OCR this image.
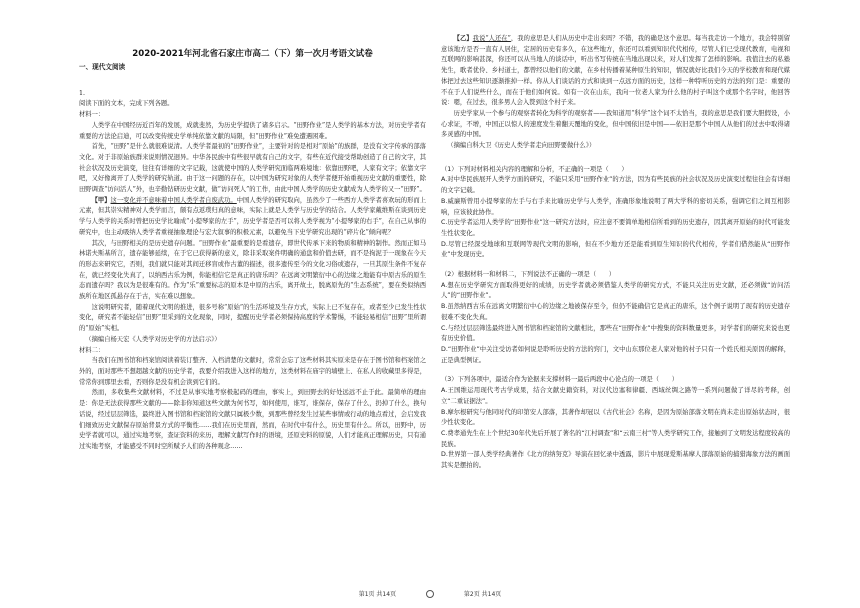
2020-2021年河北省石家庄市高二（下）第一次月考语文试卷

一、现代文阅读

1.

阅读下面的文本，完成下列各题。

材料一：

人类学在中国经历近百年的发展，成就斐然，为历史学提供了诸多启示。“田野作业”是人类学的基本方法，对历史学者有重要的方法论启迪，可以改变传统史学单纯依靠文献的局限，但“田野作业”难免遭遇困难。

首先，“田野”是什么就很难说清。人类学者最初的“田野作业”，主要针对的是相对“原始”的族群，是没有文字传承的部落文化。对于非原始族群来说则情况迥异。中华各民族中有些很早就有自己的文字，有些在近代接受帮助创造了自己的文字，其社会状况及历史演变，往往有详细的文字记载，这就使中国的人类学研究面临两难境地：依靠田野吧，人家有文字；依靠文字吧，又好像离开了人类学的研究轨道。由于这一问题的存在，以中国为研究对象的人类学者便开始重视历史文献的重要性，除田野调查“访问活人”外，也辛勤钻研历史文献，做“访问死人”的工作，由此中国人类学的历史文献成为人类学的又一“田野”。

【甲】这一变化并不意味着中国人类学者自废武功。中国人类学的研究取向，虽然少了一些西方人类学者喜欢玩的形而上元素，但其崇实精神对人类学而言，颇有点返璞归真的意味，实际上就是人类学与历史学的结合。人类学家戴维斯在谈到历史学与人类学的关系时曾把历史学比喻成“小提琴家的左手”，历史学者是否可以将人类学视为“小提琴家的右手”，在自己从事的研究中，也主动吸纳人类学者重视抽象理论与宏大叙事的积极元素，以避免当下史学研究出现的“碎片化”倾向呢？

其次，与田野相关的是历史遗存问题。“田野作业”最重要的是看遗存，即世代传承下来的物质和精神的制作。然而正如马林诺夫斯基所言，遗存能够延续，在于它已获得新的意义，除非采取案件明确的通盘和价值去研，而不是拘泥于一现象在今天的形态来研究它，否则，我们就只能对其间迁移盲或作古董的描述，很多遗传至今的文化习俗或遗存，一旦其原生条件不复存在，就已经变化失真了，以纳西古乐为例，你能相信它是真正的唐乐吗？在远离文明繁衍中心的边缘之地能有中原古乐的原生态而遗存吗？我以为是很难有的。作为“乐”重要标志的原本是中原的古乐，离开故土，脱离原先的“生态系统”，要在类似纳西族所在地区孤悬存在于古，实在难以想象。

这说明研究者，随着现代文明的推进，很多号称“原始”的生活环境及生存方式，实际上已不复存在，或者至少已发生性状变化，研究者不能轻信“田野”里采到的文化现象，同时，提醒历史学者必须保持高度的学术警惕，不能轻易相信“田野”里所谓的“原始”实相。

（摘编自杨天宏《人类学对历史学的方法启示》）

材料二：

当我们在图书馆和档案馆阅读着装订整齐、入档清楚的文献时，常常会忘了这些材料其实原来是存在于图书馆和档案馆之外的，面对那些不想超越文献的历史学者，我要介绍我进入这样的地方，这类材料在庙宇的墙壁上、在私人的收藏里多得是，常常你到那里去看，否则你是没有机会读到它们的。

然而，多收集些文献材料，不过是从事实地考察极起码的理由，事实上，到田野去的好处远远不止于此。最简单的理由是：你是无法获得那些文献的——除非你知道这些文献为何书写，如何使用，谁写，谁保存，保存了什么，扔掉了什么，换句话说，经过层层筛选，最终进入图书馆和档案馆的文献只属极少数，到那些曾经发生过某些事情或行动的地点看过，会启发我们细致历史文献保存原始背景方式的平衡性……我们在历史里面，然而，在时代中有什么，历史里有什么。所以，田野中，历史学者就可以，通过实地考察，查证资料的来历，理解文献写作时的语境，还原史料的原貌，人们才能真正理解历史，只有通过实地考察，才能感受不同时空所赋予人们的各种观念……

【乙】我说“人还在”，我的意思是人们从历史中走出来吗？不错，我的确是这个意思。每当我走访一个地方，我会特别留意该地方是否一直有人居住，定居的历史有多久，在这些地方，你还可以看到知识代代相传，尽管人们已受现代教育，电视和互联网的影响甚深，你还可以从当地人的谈话中，听出书写传统在当地出现以来，对人们发挥了怎样的影响。我值注去的私塾先生，歌者优伶、乡村道士，都曾经以他们的文献，在乡村传播着某种原生的知识，情况就好比我们今天的学校教育和现代媒体把过去这些知识逐渐推掉一样。你从人们谈话的方式和谈到一点远方面的历史，这样一种特听历史的方法的窍门是：重要的不在于人们说些什么，而在于他们如何说。如有一次在山东，我向一位老人家为什么他的村子叫这个或那个名字时，他回答说：嗯，在过去，很多男人会入赘到这个村子来。

历史学家从一个参与的观察者转化为科学的观察者——我知道用“科学”这个词不太恰当，我的意思是我们要大胆假设，小心求证，不增，中国正以惊人的速度发生着翻天覆地的变化，但中国依旧是中国——依旧是那个中国人从他们的过去中取得诸多灵感的中国。

（摘编自科大卫《历史人类学者走向田野要做什么》）

（1）下列对材料相关内容的理解和分析，不正确的一项是（　　）

A.对中华民族展开人类学方面的研究，不能只采用“田野作业”的方法，因为有些民族的社会状况及历史演变过程往往会有详细的文字记载。

B.威廉斯曾用小提琴家的左手与右手来比喻历史学与人类学，准确形象地说明了两大学科的密切关系，强调它们之间互相影响，应该彼此协作。

C.历史学者运用人类学的“田野作业”这一研究方法时，应注意不要简单地相信所看到的历史遗存，因其离开原始的时代可能发生性状变化。

D.尽管已经深受地球和互联网等现代文明的影响，但在不少地方还是能看到原生知识的代代相传，学者们借然能从“田野作业”中发现历史。

（2）根据材料一和材料二，下列说法不正确的一项是（　　）

A.想在历史学研究方面取得更好的成绩，历史学者就必须借鉴人类学的研究方式，不能只关注历史文献，还必须做“访问活人”的“田野作业”。

B.虽然纳西古乐在远离文明繁衍中心的边缘之地被保存至今，但仍不能确信它是真正的唐乐，这个例子说明了现有的历史遗存很难不变化失真。

C.与经过层层筛选最终进入图书馆和档案馆的文献相比，那些在“田野作业”中搜集的资料数量更多，对学者们的研究来说也更有历史价值。

D.“田野作业”中关注受访者如何说是聆听历史的方法的窍门，文中山东那位老人家对他的村子只有一个姓氏相关原因的解释，正是典型例证。

（3）下列各项中，最适合作为论据来支撑材料一最后两段中心论点的一项是（　　）

A.王国维运用现代考古学成果，结合文献史籍资料，对汉代边塞和律疆、西域丝绸之路等一系列问题做了详尽的考释，创立“二重证据法”。

B.摩尔根研究与他同时代的印第安人部落，其著作却冠以《古代社会》名称，是因为原始部落文明在尚未走出原始状态时，很少性状变化。

C.费孝通先生在上个世纪30年代先后开展了著名的“江村调查”和“云南三村”等人类学研究工作，接触到了文明发达程度较高的民族。

D.世界第一部人类学经典著作《北方的纳努克》导演在回忆录中透露，影片中展现爱斯基摩人部落原始的捕猎海象方法的画面其实是摆拍的。

第1页 共14页	第2页 共14页
